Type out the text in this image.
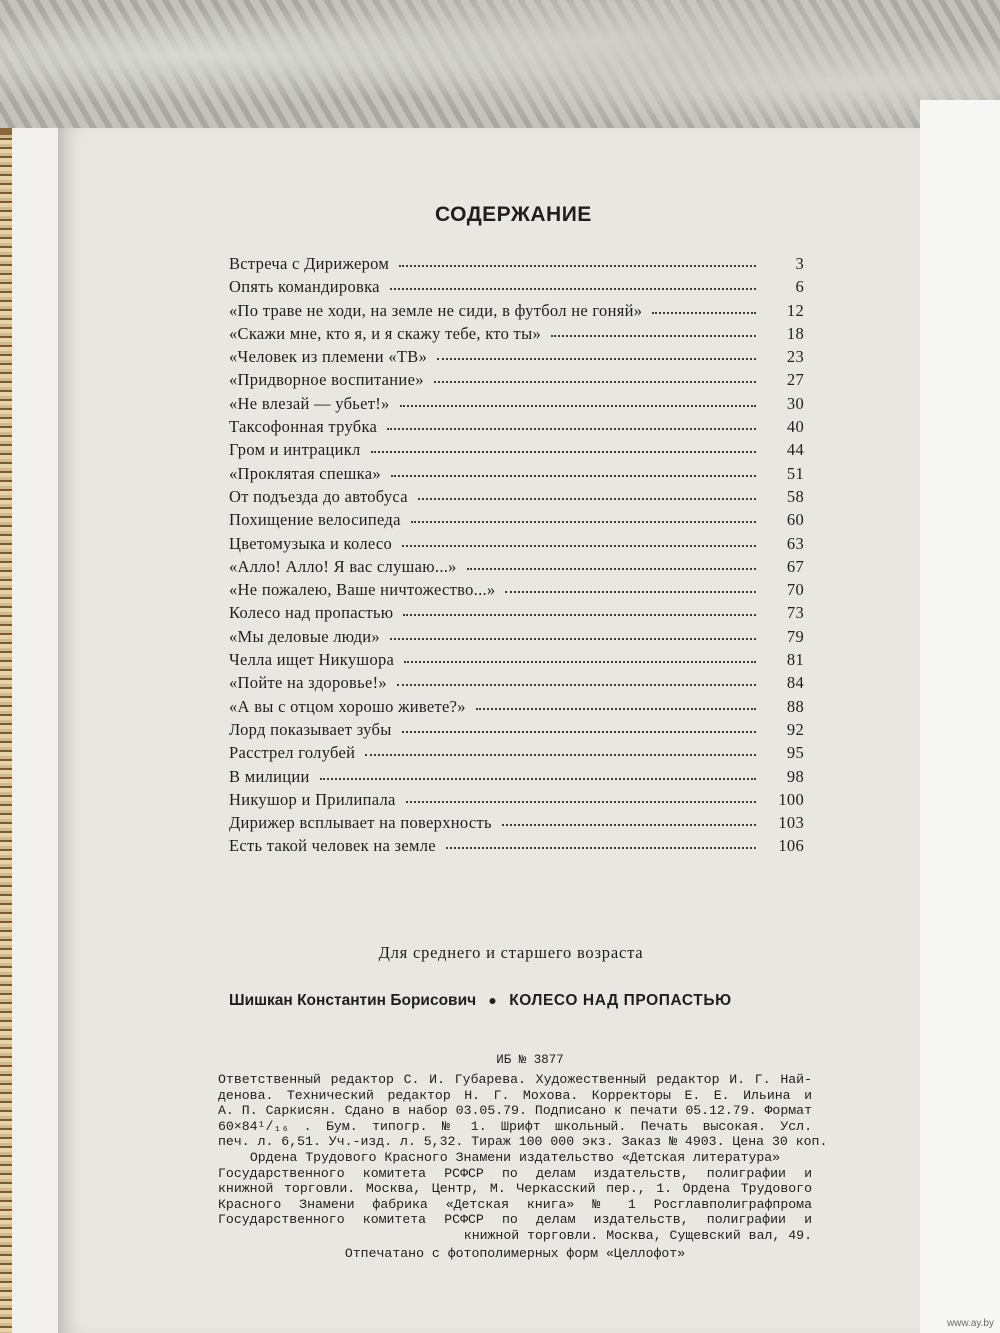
СОДЕРЖАНИЕ
Встреча с Дирижером	3
Опять командировка	6
«По траве не ходи, на земле не сиди, в футбол не гоняй»	12
«Скажи мне, кто я, и я скажу тебе, кто ты»	18
«Человек из племени «ТВ»	23
«Придворное воспитание»	27
«Не влезай — убьет!»	30
Таксофонная трубка	40
Гром и интрацикл	44
«Проклятая спешка»	51
От подъезда до автобуса	58
Похищение велосипеда	60
Цветомузыка и колесо	63
«Алло! Алло! Я вас слушаю...»	67
«Не пожалею, Ваше ничтожество...»	70
Колесо над пропастью	73
«Мы деловые люди»	79
Челла ищет Никушора	81
«Пойте на здоровье!»	84
«А вы с отцом хорошо живете?»	88
Лорд показывает зубы	92
Расстрел голубей	95
В милиции	98
Никушор и Прилипала	100
Дирижер всплывает на поверхность	103
Есть такой человек на земле	106
Для среднего и старшего возраста
Шишкан Константин Борисович ● КОЛЕСО НАД ПРОПАСТЬЮ
ИБ № 3877
Ответственный редактор С. И. Губарева. Художественный редактор И. Г. Най-
денова. Технический редактор Н. Г. Мохова. Корректоры Е. Е. Ильина и
А. П. Саркисян. Сдано в набор 03.05.79. Подписано к печати 05.12.79. Формат
60×84¹/₁₆ . Бум. типогр. № 1. Шрифт школьный. Печать высокая. Усл.
печ. л. 6,51. Уч.-изд. л. 5,32. Тираж 100 000 экз. Заказ № 4903. Цена 30 коп.
Ордена Трудового Красного Знамени издательство «Детская литература»
Государственного комитета РСФСР по делам издательств, полиграфии и
книжной торговли. Москва, Центр, М. Черкасский пер., 1. Ордена Трудового
Красного Знамени фабрика «Детская книга» № 1 Росглавполиграфпрома
Государственного комитета РСФСР по делам издательств, полиграфии и
книжной торговли. Москва, Сущевский вал, 49.
Отпечатано с фотополимерных форм «Целлофот»
www.ay.by
